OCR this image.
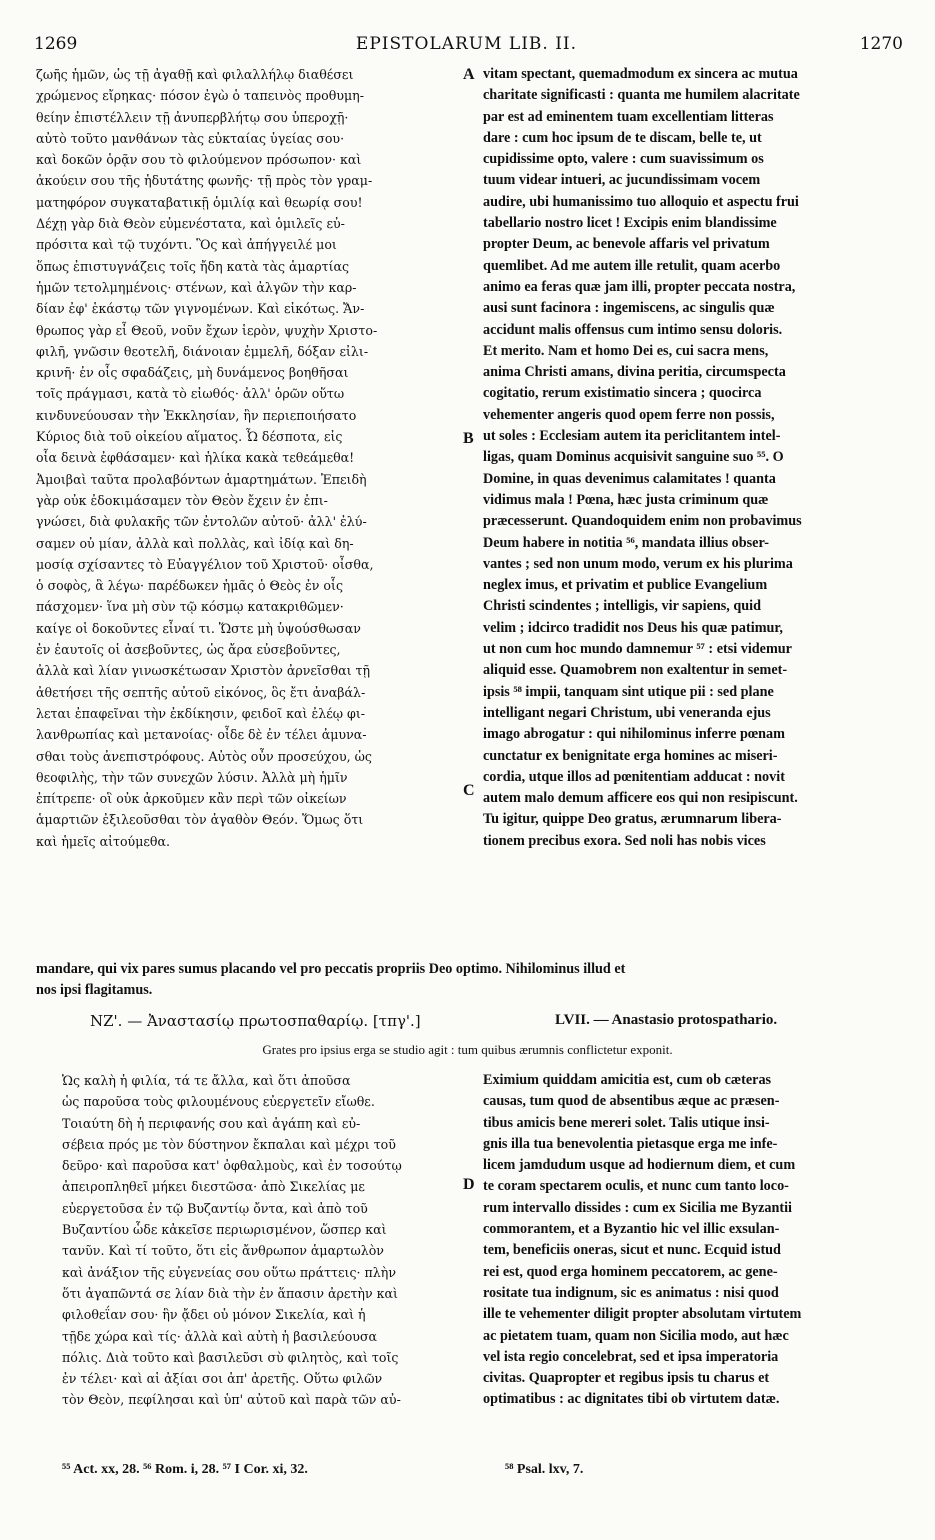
1269	EPISTOLARUM LIB. II.	1270
ζωῆς ἡμῶν, ὡς τῇ ἀγαθῇ καὶ φιλαλλήλῳ διαθέσει
χρώμενος εἴρηκας· πόσον ἐγὼ ὁ ταπεινὸς προθυμη-
θείην ἐπιστέλλειν τῇ ἀνυπερβλήτῳ σου ὑπεροχῇ·
αὐτὸ τοῦτο μανθάνων τὰς εὐκταίας ὑγείας σου·
καὶ δοκῶν ὁρᾷν σου τὸ φιλούμενον πρόσωπον· καὶ
ἀκούειν σου τῆς ἡδυτάτης φωνῆς· τῇ πρὸς τὸν γραμ-
ματηφόρον συγκαταβατικῇ ὁμιλίᾳ καὶ θεωρίᾳ σου!
Δέχῃ γὰρ διὰ Θεὸν εὐμενέστατα, καὶ ὁμιλεῖς εὐ-
πρόσιτα καὶ τῷ τυχόντι. Ὃς καὶ ἀπήγγειλέ μοι
ὅπως ἐπιστυγνάζεις τοῖς ἤδη κατὰ τὰς ἁμαρτίας
ἡμῶν τετολμημένοις· στένων, καὶ ἀλγῶν τὴν καρ-
δίαν ἐφ' ἑκάστῳ τῶν γιγνομένων. Καὶ εἰκότως. Ἄν-
θρωπος γὰρ εἶ Θεοῦ, νοῦν ἔχων ἱερὸν, ψυχὴν Χριστο-
φιλῆ, γνῶσιν θεοτελῆ, διάνοιαν ἐμμελῆ, δόξαν εἰλι-
κρινῆ· ἐν οἷς σφαδάζεις, μὴ δυνάμενος βοηθῆσαι
τοῖς πράγμασι, κατὰ τὸ εἰωθός· ἀλλ' ὁρῶν οὕτω
κινδυνεύουσαν τὴν Ἐκκλησίαν, ἣν περιεποιήσατο
Κύριος διὰ τοῦ οἰκείου αἵματος. Ὦ δέσποτα, εἰς
οἷα δεινὰ ἐφθάσαμεν· καὶ ἡλίκα κακὰ τεθεάμεθα!
Ἀμοιβαὶ ταῦτα προλαβόντων ἁμαρτημάτων. Ἐπειδὴ
γὰρ οὐκ ἐδοκιμάσαμεν τὸν Θεὸν ἔχειν ἐν ἐπι-
γνώσει, διὰ φυλακῆς τῶν ἐντολῶν αὐτοῦ· ἀλλ' ἐλύ-
σαμεν οὐ μίαν, ἀλλὰ καὶ πολλὰς, καὶ ἰδίᾳ καὶ δη-
μοσίᾳ σχίσαντες τὸ Εὐαγγέλιον τοῦ Χριστοῦ· οἶσθα,
ὁ σοφὸς, ἃ λέγω· παρέδωκεν ἡμᾶς ὁ Θεὸς ἐν οἷς
πάσχομεν· ἵνα μὴ σὺν τῷ κόσμῳ κατακριθῶμεν·
καίγε οἱ δοκοῦντες εἶναί τι. Ὥστε μὴ ὑψούσθωσαν
ἐν ἑαυτοῖς οἱ ἀσεβοῦντες, ὡς ἄρα εὐσεβοῦντες,
ἀλλὰ καὶ λίαν γινωσκέτωσαν Χριστὸν ἀρνεῖσθαι τῇ
ἀθετήσει τῆς σεπτῆς αὐτοῦ εἰκόνος, ὃς ἔτι ἀναβάλ-
λεται ἐπαφεῖναι τὴν ἐκδίκησιν, φειδοῖ καὶ ἐλέῳ φι-
λανθρωπίας καὶ μετανοίας· οἶδε δὲ ἐν τέλει ἀμυνα-
σθαι τοὺς ἀνεπιστρόφους. Αὐτὸς οὖν προσεύχου, ὡς
θεοφιλὴς, τὴν τῶν συνεχῶν λύσιν. Ἀλλὰ μὴ ἡμῖν
ἐπίτρεπε· οἳ οὐκ ἀρκοῦμεν κἂν περὶ τῶν οἰκείων
ἁμαρτιῶν ἐξιλεοῦσθαι τὸν ἀγαθὸν Θεόν. Ὅμως ὅτι
καὶ ἡμεῖς αἰτούμεθα.
vitam spectant, quemadmodum ex sincera ac mutua
charitate significasti : quanta me humilem alacritate
par est ad eminentem tuam excellentiam litteras
dare : cum hoc ipsum de te discam, belle te, ut
cupidissime opto, valere : cum suavissimum os
tuum videar intueri, ac jucundissimam vocem
audire, ubi humanissimo tuo alloquio et aspectu frui
tabellario nostro licet ! Excipis enim blandissime
propter Deum, ac benevole affaris vel privatum
quemlibet. Ad me autem ille retulit, quam acerbo
animo ea feras quæ jam illi, propter peccata nostra,
ausi sunt facinora : ingemiscens, ac singulis quæ
accidunt malis offensus cum intimo sensu doloris.
Et merito. Nam et homo Dei es, cui sacra mens,
anima Christi amans, divina peritia, circumspecta
cogitatio, rerum existimatio sincera ; quocirca
vehementer angeris quod opem ferre non possis,
ut soles : Ecclesiam autem ita periclitantem intel-
ligas, quam Dominus acquisivit sanguine suo ⁵⁵. O
Domine, in quas devenimus calamitates ! quanta
vidimus mala ! Pœna, hæc justa criminum quæ
præcesserunt. Quandoquidem enim non probavimus
Deum habere in notitia ⁵⁶, mandata illius obser-
vantes ; sed non unum modo, verum ex his plurima
neglex imus, et privatim et publice Evangelium
Christi scindentes ; intelligis, vir sapiens, quid
velim ; idcirco tradidit nos Deus his quæ patimur,
ut non cum hoc mundo damnemur ⁵⁷ : etsi videmur
aliquid esse. Quamobrem non exaltentur in semet-
ipsis ⁵⁸ impii, tanquam sint utique pii : sed plane
intelligant negari Christum, ubi veneranda ejus
imago abrogatur : qui nihilominus inferre pœnam
cunctatur ex benignitate erga homines ac miseri-
cordia, utque illos ad pœnitentiam adducat : novit
autem malo demum afficere eos qui non resipiscunt.
Tu igitur, quippe Deo gratus, ærumnarum libera-
tionem precibus exora. Sed noli has nobis vices
A
B
C
D
mandare, qui vix pares sumus placando vel pro peccatis propriis Deo optimo. Nihilominus illud et
nos ipsi flagitamus.
ΝΖ'. — Ἀναστασίῳ πρωτοσπαθαρίῳ. [τπγ'.]	LVII. — Anastasio protospathario.
Grates pro ipsius erga se studio agit : tum quibus ærumnis conflictetur exponit.
Ὡς καλὴ ἡ φιλία, τά τε ἄλλα, καὶ ὅτι ἀποῦσα
ὡς παροῦσα τοὺς φιλουμένους εὐεργετεῖν εἴωθε.
Τοιαύτη δὴ ἡ περιφανής σου καὶ ἀγάπη καὶ εὐ-
σέβεια πρός με τὸν δύστηνον ἔκπαλαι καὶ μέχρι τοῦ
δεῦρο· καὶ παροῦσα κατ' ὀφθαλμοὺς, καὶ ἐν τοσούτῳ
ἀπειροπληθεῖ μήκει διεστῶσα· ἀπὸ Σικελίας με
εὐεργετοῦσα ἐν τῷ Βυζαντίῳ ὄντα, καὶ ἀπὸ τοῦ
Βυζαντίου ὧδε κἀκεῖσε περιωρισμένον, ὥσπερ καὶ
τανῦν. Καὶ τί τοῦτο, ὅτι εἰς ἄνθρωπον ἁμαρτωλὸν
καὶ ἀνάξιον τῆς εὐγενείας σου οὕτω πράττεις· πλὴν
ὅτι ἀγαπῶντά σε λίαν διὰ τὴν ἐν ἅπασιν ἀρετὴν καὶ
φιλοθεΐαν σου· ἣν ᾄδει οὐ μόνον Σικελία, καὶ ἡ
τῇδε χώρα καὶ τίς· ἀλλὰ καὶ αὐτὴ ἡ βασιλεύουσα
πόλις. Διὰ τοῦτο καὶ βασιλεῦσι σὺ φιλητὸς, καὶ τοῖς
ἐν τέλει· καὶ αἱ ἀξίαι σοι ἀπ' ἀρετῆς. Οὕτω φιλῶν
τὸν Θεὸν, πεφίλησαι καὶ ὑπ' αὐτοῦ καὶ παρὰ τῶν αὐ-
Eximium quiddam amicitia est, cum ob cæteras
causas, tum quod de absentibus æque ac præsen-
tibus amicis bene mereri solet. Talis utique insi-
gnis illa tua benevolentia pietasque erga me infe-
licem jamdudum usque ad hodiernum diem, et cum
te coram spectarem oculis, et nunc cum tanto loco-
rum intervallo dissides : cum ex Sicilia me Byzantii
commorantem, et a Byzantio hic vel illic exsulan-
tem, beneficiis oneras, sicut et nunc. Ecquid istud
rei est, quod erga hominem peccatorem, ac gene-
rositate tua indignum, sic es animatus : nisi quod
ille te vehementer diligit propter absolutam virtutem
ac pietatem tuam, quam non Sicilia modo, aut hæc
vel ista regio concelebrat, sed et ipsa imperatoria
civitas. Quapropter et regibus ipsis tu charus et
optimatibus : ac dignitates tibi ob virtutem datæ.
⁵⁵ Act. xx, 28. ⁵⁶ Rom. i, 28. ⁵⁷ I Cor. xi, 32.	⁵⁸ Psal. lxv, 7.
